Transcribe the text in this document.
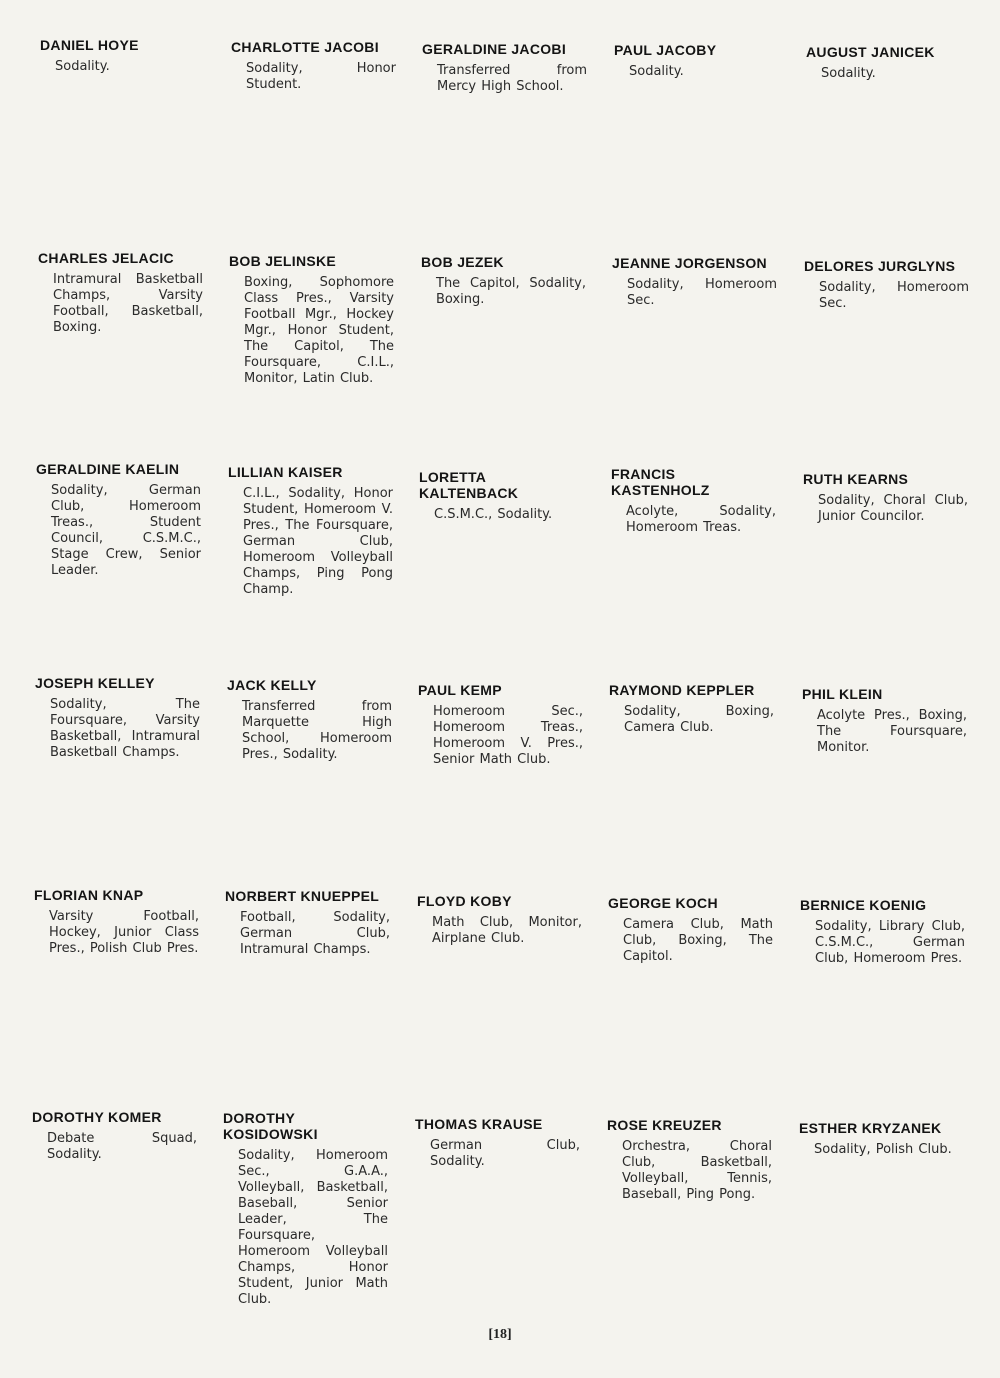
DANIEL HOYE
Sodality.
CHARLOTTE JACOBI
Sodality, Honor Student.
GERALDINE JACOBI
Transferred from Mercy High School.
PAUL JACOBY
Sodality.
AUGUST JANICEK
Sodality.
CHARLES JELACIC
Intramural Basketball Champs, Varsity Football, Basketball, Boxing.
BOB JELINSKE
Boxing, Sophomore Class Pres., Varsity Football Mgr., Hockey Mgr., Honor Student, The Capitol, The Foursquare, C.I.L., Monitor, Latin Club.
BOB JEZEK
The Capitol, Sodality, Boxing.
JEANNE JORGENSON
Sodality, Homeroom Sec.
DELORES JURGLYNS
Sodality, Homeroom Sec.
GERALDINE KAELIN
Sodality, German Club, Homeroom Treas., Student Council, C.S.M.C., Stage Crew, Senior Leader.
LILLIAN KAISER
C.I.L., Sodality, Honor Student, Homeroom V. Pres., The Foursquare, German Club, Homeroom Volleyball Champs, Ping Pong Champ.
LORETTA KALTENBACK
C.S.M.C., Sodality.
FRANCIS KASTENHOLZ
Acolyte, Sodality, Homeroom Treas.
RUTH KEARNS
Sodality, Choral Club, Junior Councilor.
JOSEPH KELLEY
Sodality, The Foursquare, Varsity Basketball, Intramural Basketball Champs.
JACK KELLY
Transferred from Marquette High School, Homeroom Pres., Sodality.
PAUL KEMP
Homeroom Sec., Homeroom Treas., Homeroom V. Pres., Senior Math Club.
RAYMOND KEPPLER
Sodality, Boxing, Camera Club.
PHIL KLEIN
Acolyte Pres., Boxing, The Foursquare, Monitor.
FLORIAN KNAP
Varsity Football, Hockey, Junior Class Pres., Polish Club Pres.
NORBERT KNUEPPEL
Football, Sodality, German Club, Intramural Champs.
FLOYD KOBY
Math Club, Monitor, Airplane Club.
GEORGE KOCH
Camera Club, Math Club, Boxing, The Capitol.
BERNICE KOENIG
Sodality, Library Club, C.S.M.C., German Club, Homeroom Pres.
DOROTHY KOMER
Debate Squad, Sodality.
DOROTHY KOSIDOWSKI
Sodality, Homeroom Sec., G.A.A., Volleyball, Basketball, Baseball, Senior Leader, The Foursquare, Homeroom Volleyball Champs, Honor Student, Junior Math Club.
THOMAS KRAUSE
German Club, Sodality.
ROSE KREUZER
Orchestra, Choral Club, Basketball, Volleyball, Tennis, Baseball, Ping Pong.
ESTHER KRYZANEK
Sodality, Polish Club.
[18]
